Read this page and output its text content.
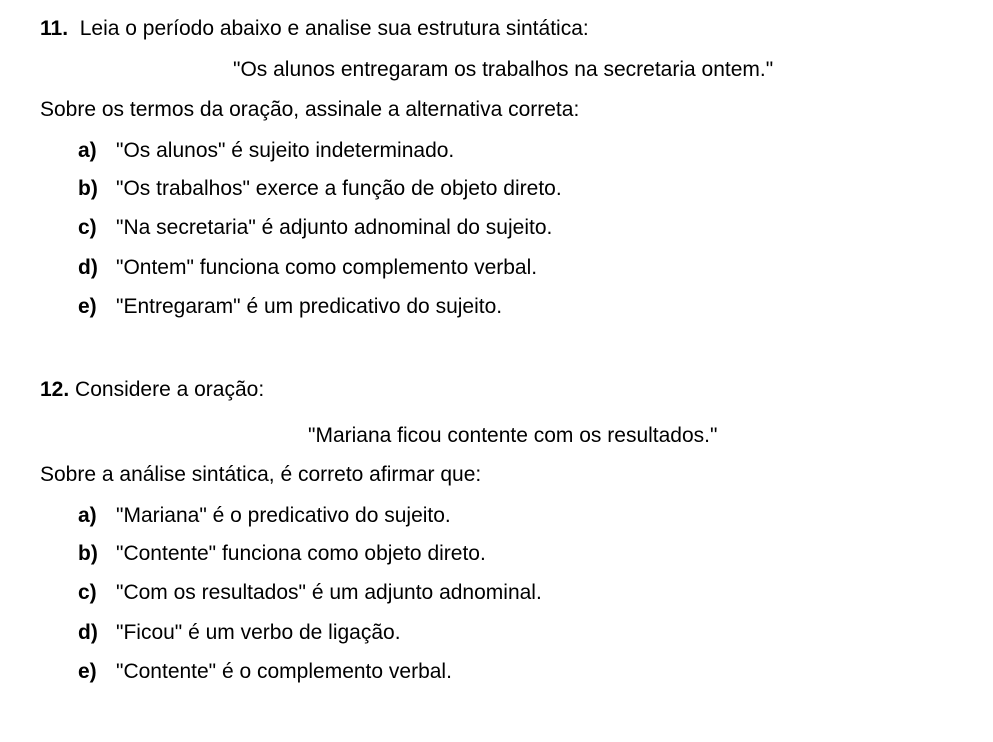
11. Leia o período abaixo e analise sua estrutura sintática:
"Os alunos entregaram os trabalhos na secretaria ontem."
Sobre os termos da oração, assinale a alternativa correta:
a) "Os alunos" é sujeito indeterminado.
b) "Os trabalhos" exerce a função de objeto direto.
c) "Na secretaria" é adjunto adnominal do sujeito.
d) "Ontem" funciona como complemento verbal.
e) "Entregaram" é um predicativo do sujeito.
12. Considere a oração:
"Mariana ficou contente com os resultados."
Sobre a análise sintática, é correto afirmar que:
a) "Mariana" é o predicativo do sujeito.
b) "Contente" funciona como objeto direto.
c) "Com os resultados" é um adjunto adnominal.
d) "Ficou" é um verbo de ligação.
e) "Contente" é o complemento verbal.
